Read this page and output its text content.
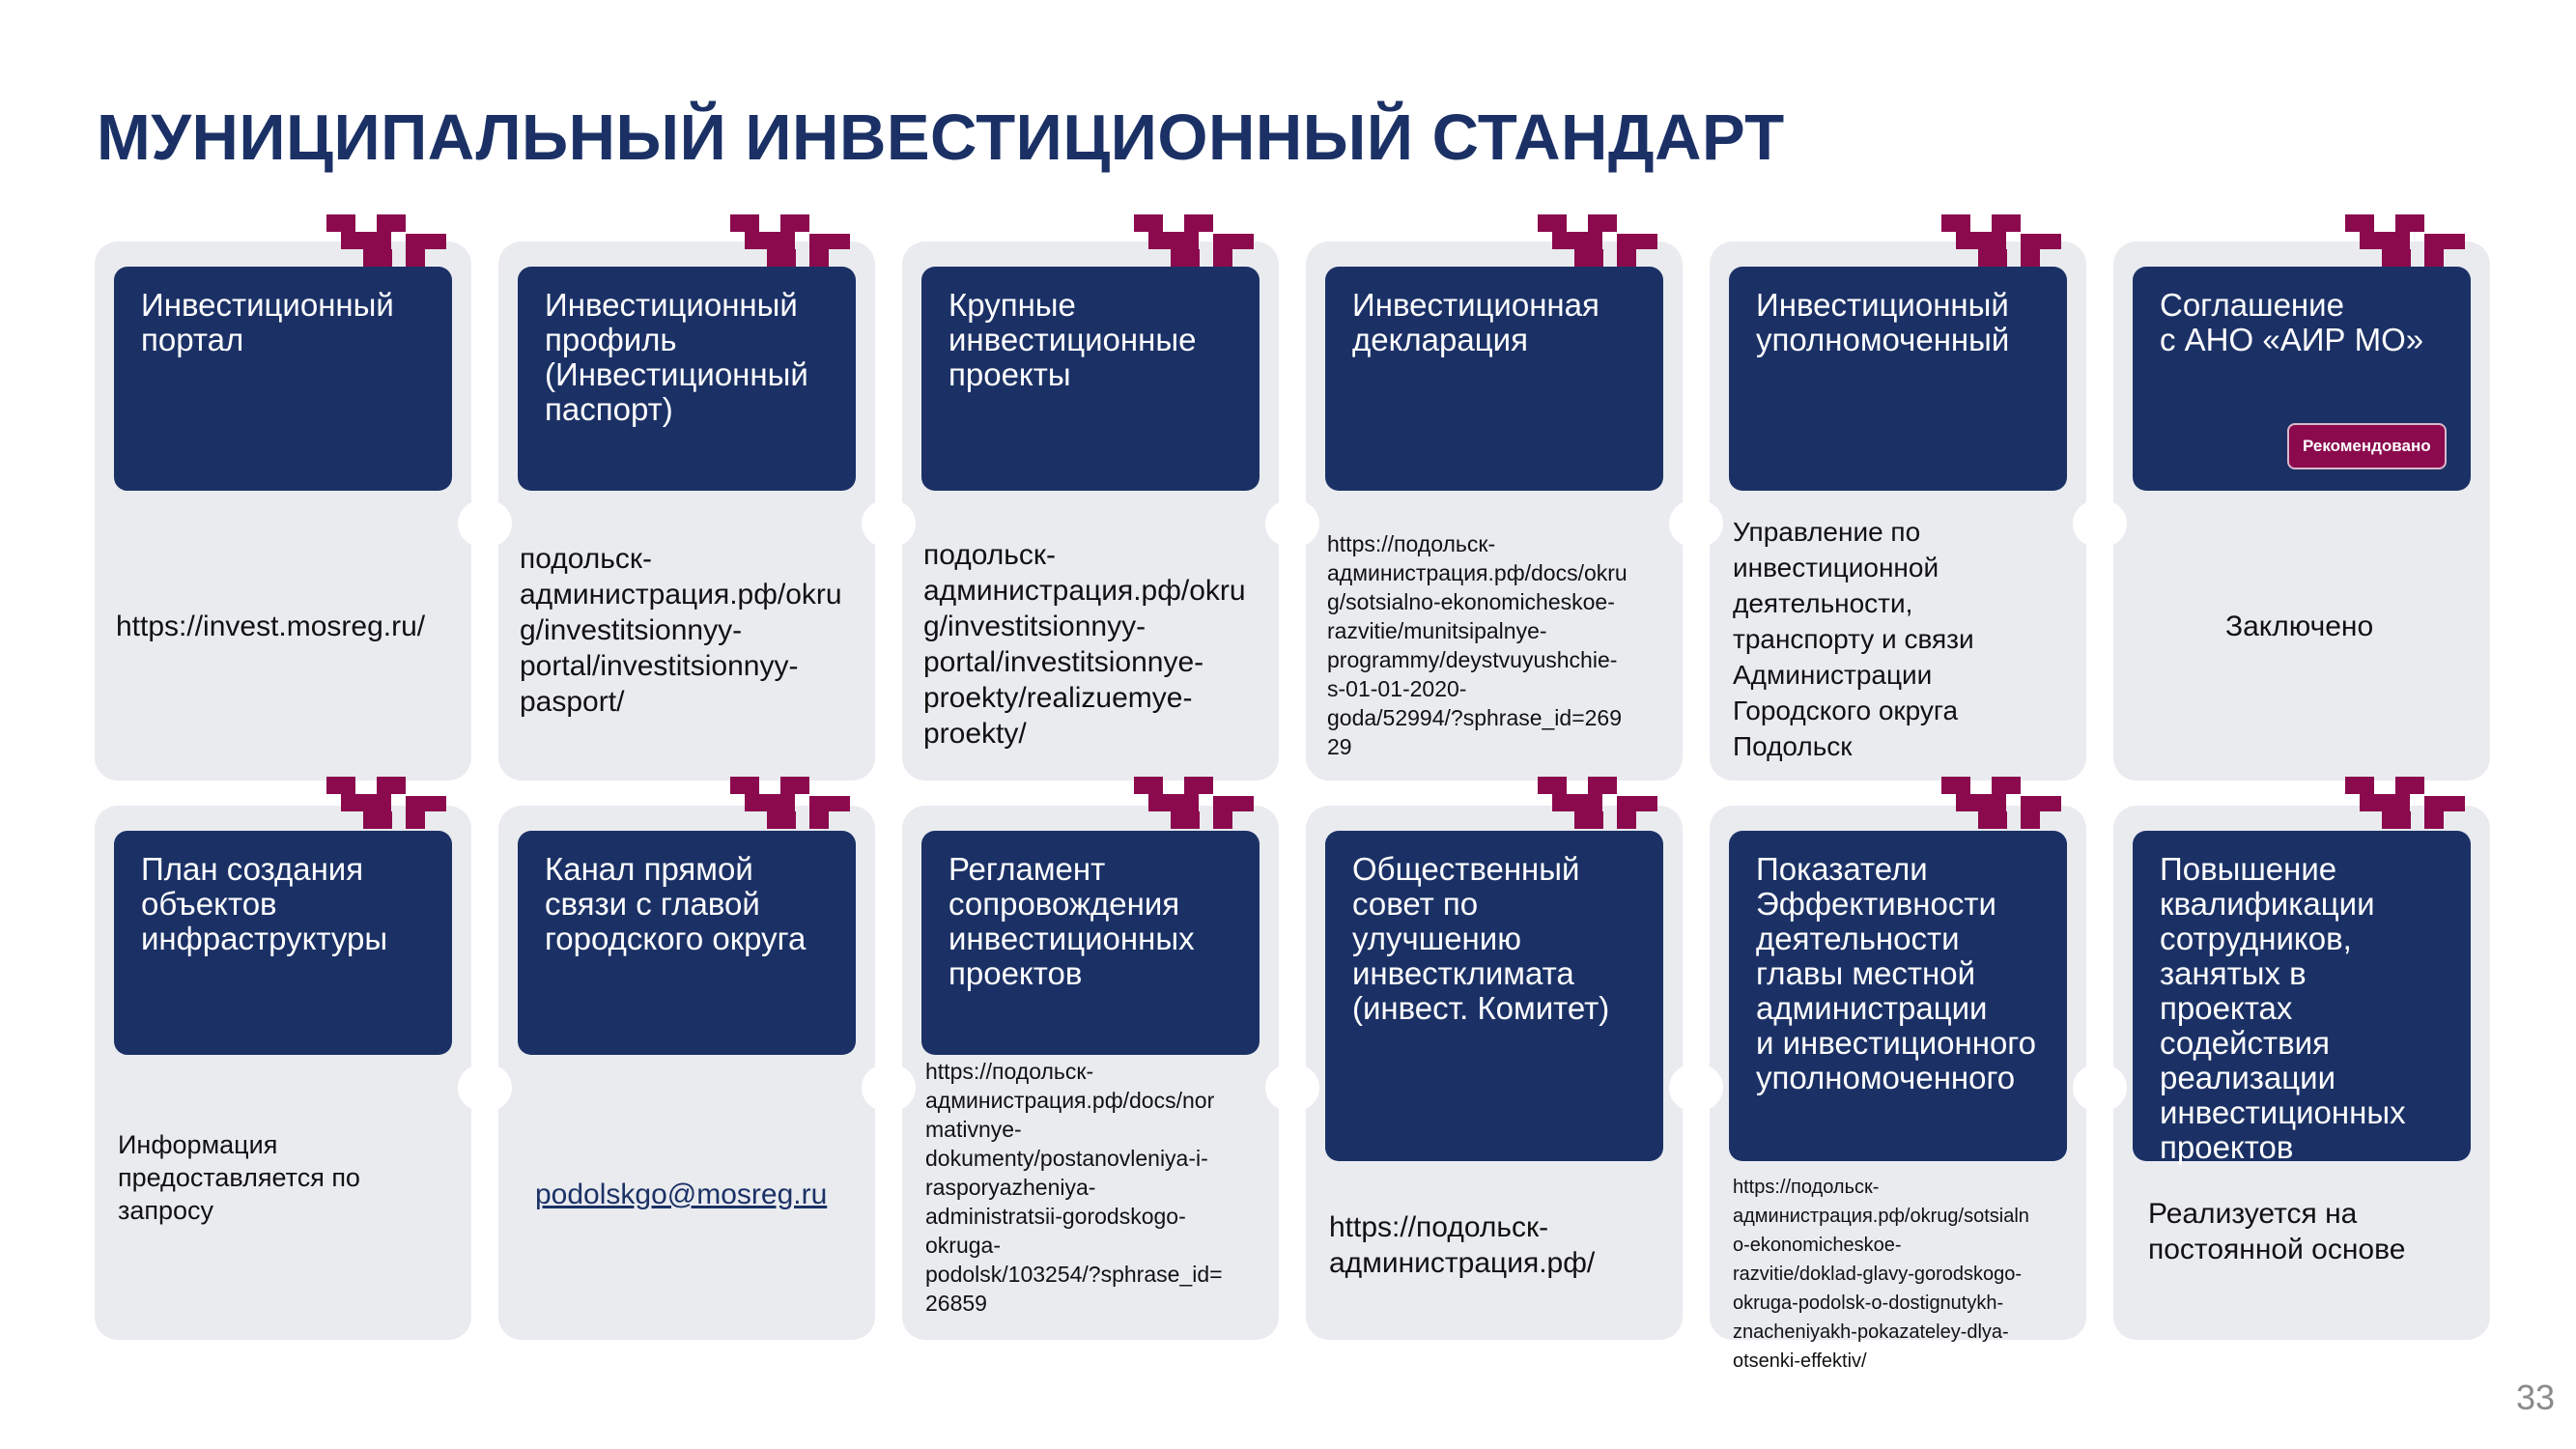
МУНИЦИПАЛЬНЫЙ ИНВЕСТИЦИОННЫЙ СТАНДАРТ
Инвестиционный
портал
https://invest.mosreg.ru/
Инвестиционный
профиль
(Инвестиционный
паспорт)
подольск-
администрация.рф/okru
g/investitsionnyy-
portal/investitsionnyy-
pasport/
Крупные
инвестиционные
проекты
подольск-
администрация.рф/okru
g/investitsionnyy-
portal/investitsionnye-
proekty/realizuemye-
proekty/
Инвестиционная
декларация
https://подольск-
администрация.рф/docs/okru
g/sotsialno-ekonomicheskoe-
razvitie/munitsipalnye-
programmy/deystvuyushchie-
s-01-01-2020-
goda/52994/?sphrase_id=269
29
Инвестиционный
уполномоченный
Управление по
инвестиционной
деятельности,
транспорту и связи
Администрации
Городского округа
Подольск
Соглашение
с АНО «АИР МО»
Рекомендовано
Заключено
План создания
объектов
инфраструктуры
Информация
предоставляется по
запросу
Канал прямой
связи с главой
городского округа
podolskgo@mosreg.ru
Регламент
сопровождения
инвестиционных
проектов
https://подольск-
администрация.рф/docs/nor
mativnye-
dokumenty/postanovleniya-i-
rasporyazheniya-
administratsii-gorodskogo-
okruga-
podolsk/103254/?sphrase_id=
26859
Общественный
совет по
улучшению
инвестклимата
(инвест. Комитет)
https://подольск-
администрация.рф/
Показатели
Эффективности
деятельности
главы местной
администрации
и инвестиционного
уполномоченного
https://подольск-
администрация.рф/okrug/sotsialn
o-ekonomicheskoe-
razvitie/doklad-glavy-gorodskogo-
okruga-podolsk-o-dostignutykh-
znacheniyakh-pokazateley-dlya-
otsenki-effektiv/
Повышение
квалификации
сотрудников,
занятых в проектах
содействия
реализации
инвестиционных
проектов
Реализуется на
постоянной основе
33
